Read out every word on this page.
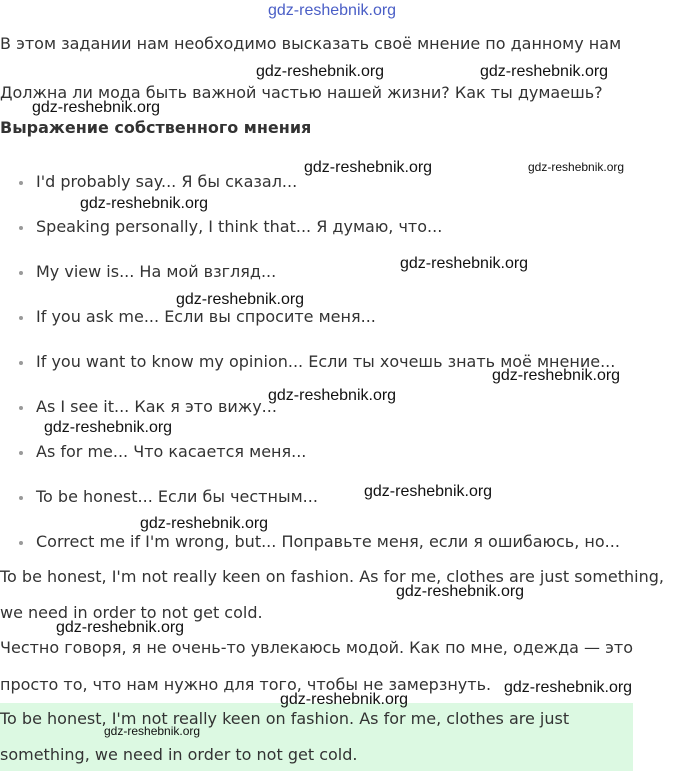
gdz-reshebnik.org
В этом задании нам необходимо высказать своё мнение по данному нам
Должна ли мода быть важной частью нашей жизни? Как ты думаешь?
Выражение собственного мнения
I'd probably say... Я бы сказал...
Speaking personally, I think that... Я думаю, что...
My view is... На мой взгляд...
If you ask me... Если вы спросите меня...
If you want to know my opinion... Если ты хочешь знать моё мнение...
As I see it... Как я это вижу...
As for me... Что касается меня...
To be honest... Если бы честным...
Correct me if I'm wrong, but... Поправьте меня, если я ошибаюсь, но...
To be honest, I'm not really keen on fashion. As for me, clothes are just something,
we need in order to not get cold.
Честно говоря, я не очень-то увлекаюсь модой. Как по мне, одежда — это
просто то, что нам нужно для того, чтобы не замерзнуть.
To be honest, I'm not really keen on fashion. As for me, clothes are just
something, we need in order to not get cold.
gdz-reshebnik.org	gdz-reshebnik.org
gdz-reshebnik.org
gdz-reshebnik.org	gdz-reshebnik.org
gdz-reshebnik.org
gdz-reshebnik.org
gdz-reshebnik.org
gdz-reshebnik.org
gdz-reshebnik.org
gdz-reshebnik.org
gdz-reshebnik.org
gdz-reshebnik.org
gdz-reshebnik.org
gdz-reshebnik.org
gdz-reshebnik.org
gdz-reshebnik.org
gdz-reshebnik.org
